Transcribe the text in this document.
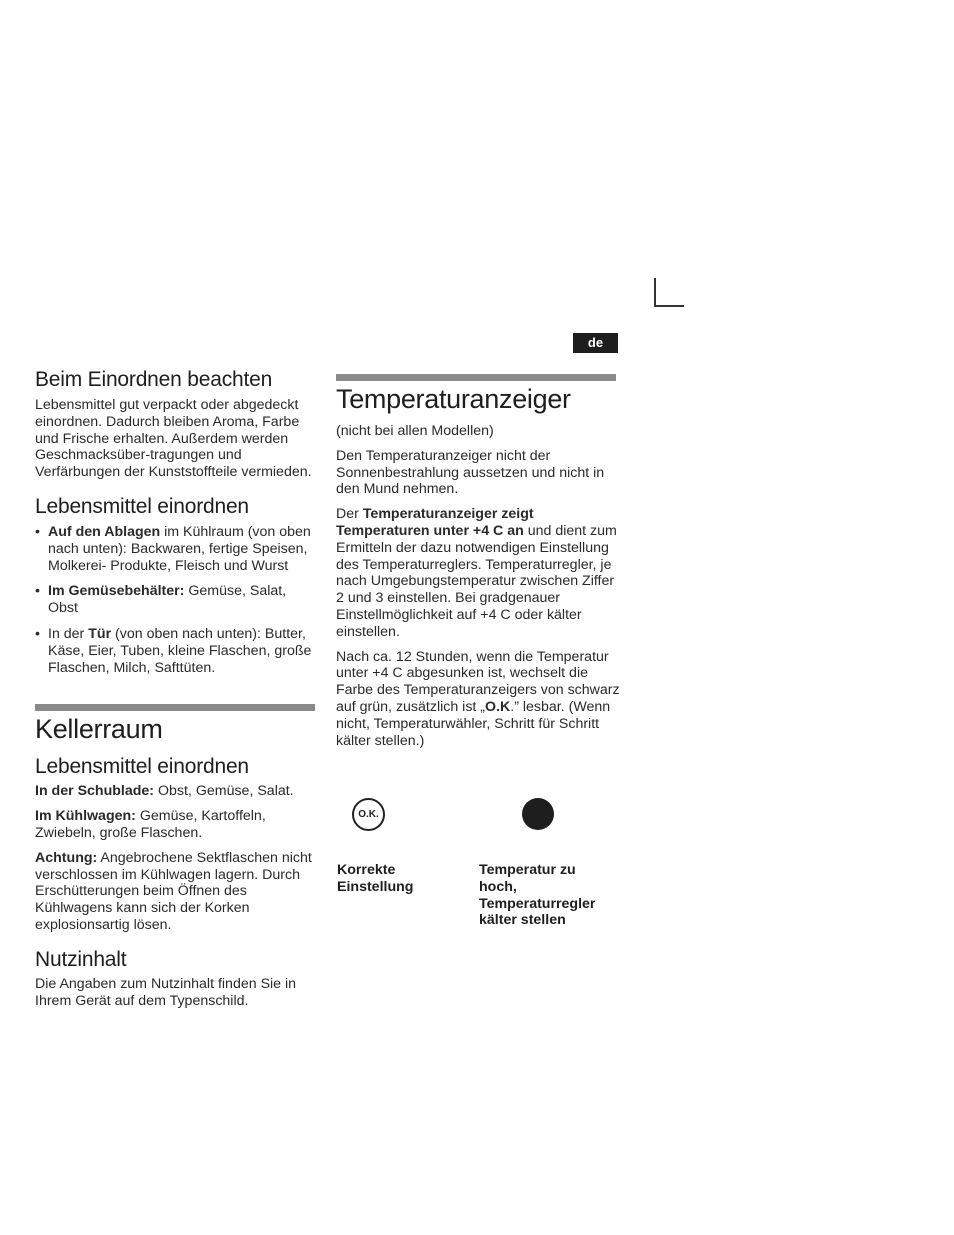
de
Beim Einordnen beachten

Lebensmittel gut verpackt oder abgedeckt einordnen. Dadurch bleiben Aroma, Farbe und Frische erhalten. Außerdem werden Geschmacksüber-tragungen und Verfärbungen der Kunststoffteile vermieden.

Lebensmittel einordnen
• Auf den Ablagen im Kühlraum (von oben nach unten): Backwaren, fertige Speisen, Molkerei- Produkte, Fleisch und Wurst
• Im Gemüsebehälter: Gemüse, Salat, Obst
• In der Tür (von oben nach unten): Butter, Käse, Eier, Tuben, kleine Flaschen, große Flaschen, Milch, Safttüten.
Kellerraum
Lebensmittel einordnen

In der Schublade: Obst, Gemüse, Salat.

Im Kühlwagen: Gemüse, Kartoffeln, Zwiebeln, große Flaschen.

Achtung: Angebrochene Sektflaschen nicht verschlossen im Kühlwagen lagern. Durch Erschütterungen beim Öffnen des Kühlwagens kann sich der Korken explosionsartig lösen.

Nutzinhalt

Die Angaben zum Nutzinhalt finden Sie in Ihrem Gerät auf dem Typenschild.

Temperaturanzeiger

(nicht bei allen Modellen)

Den Temperaturanzeiger nicht der Sonnenbestrahlung aussetzen und nicht in den Mund nehmen.

Der Temperaturanzeiger zeigt Temperaturen unter +4 C an und dient zum Ermitteln der dazu notwendigen Einstellung des Temperaturreglers. Temperaturregler, je nach Umgebungstemperatur zwischen Ziffer 2 und 3 einstellen. Bei gradgenauer Einstellmöglichkeit auf +4 C oder kälter einstellen.

Nach ca. 12 Stunden, wenn die Temperatur unter +4 C abgesunken ist, wechselt die Farbe des Temperaturanzeigers von schwarz auf grün, zusätzlich ist „O.K.” lesbar. (Wenn nicht, Temperaturwähler, Schritt für Schritt kälter stellen.)

O.K.
Korrekte Einstellung
Temperatur zu hoch, Temperaturregler kälter stellen
